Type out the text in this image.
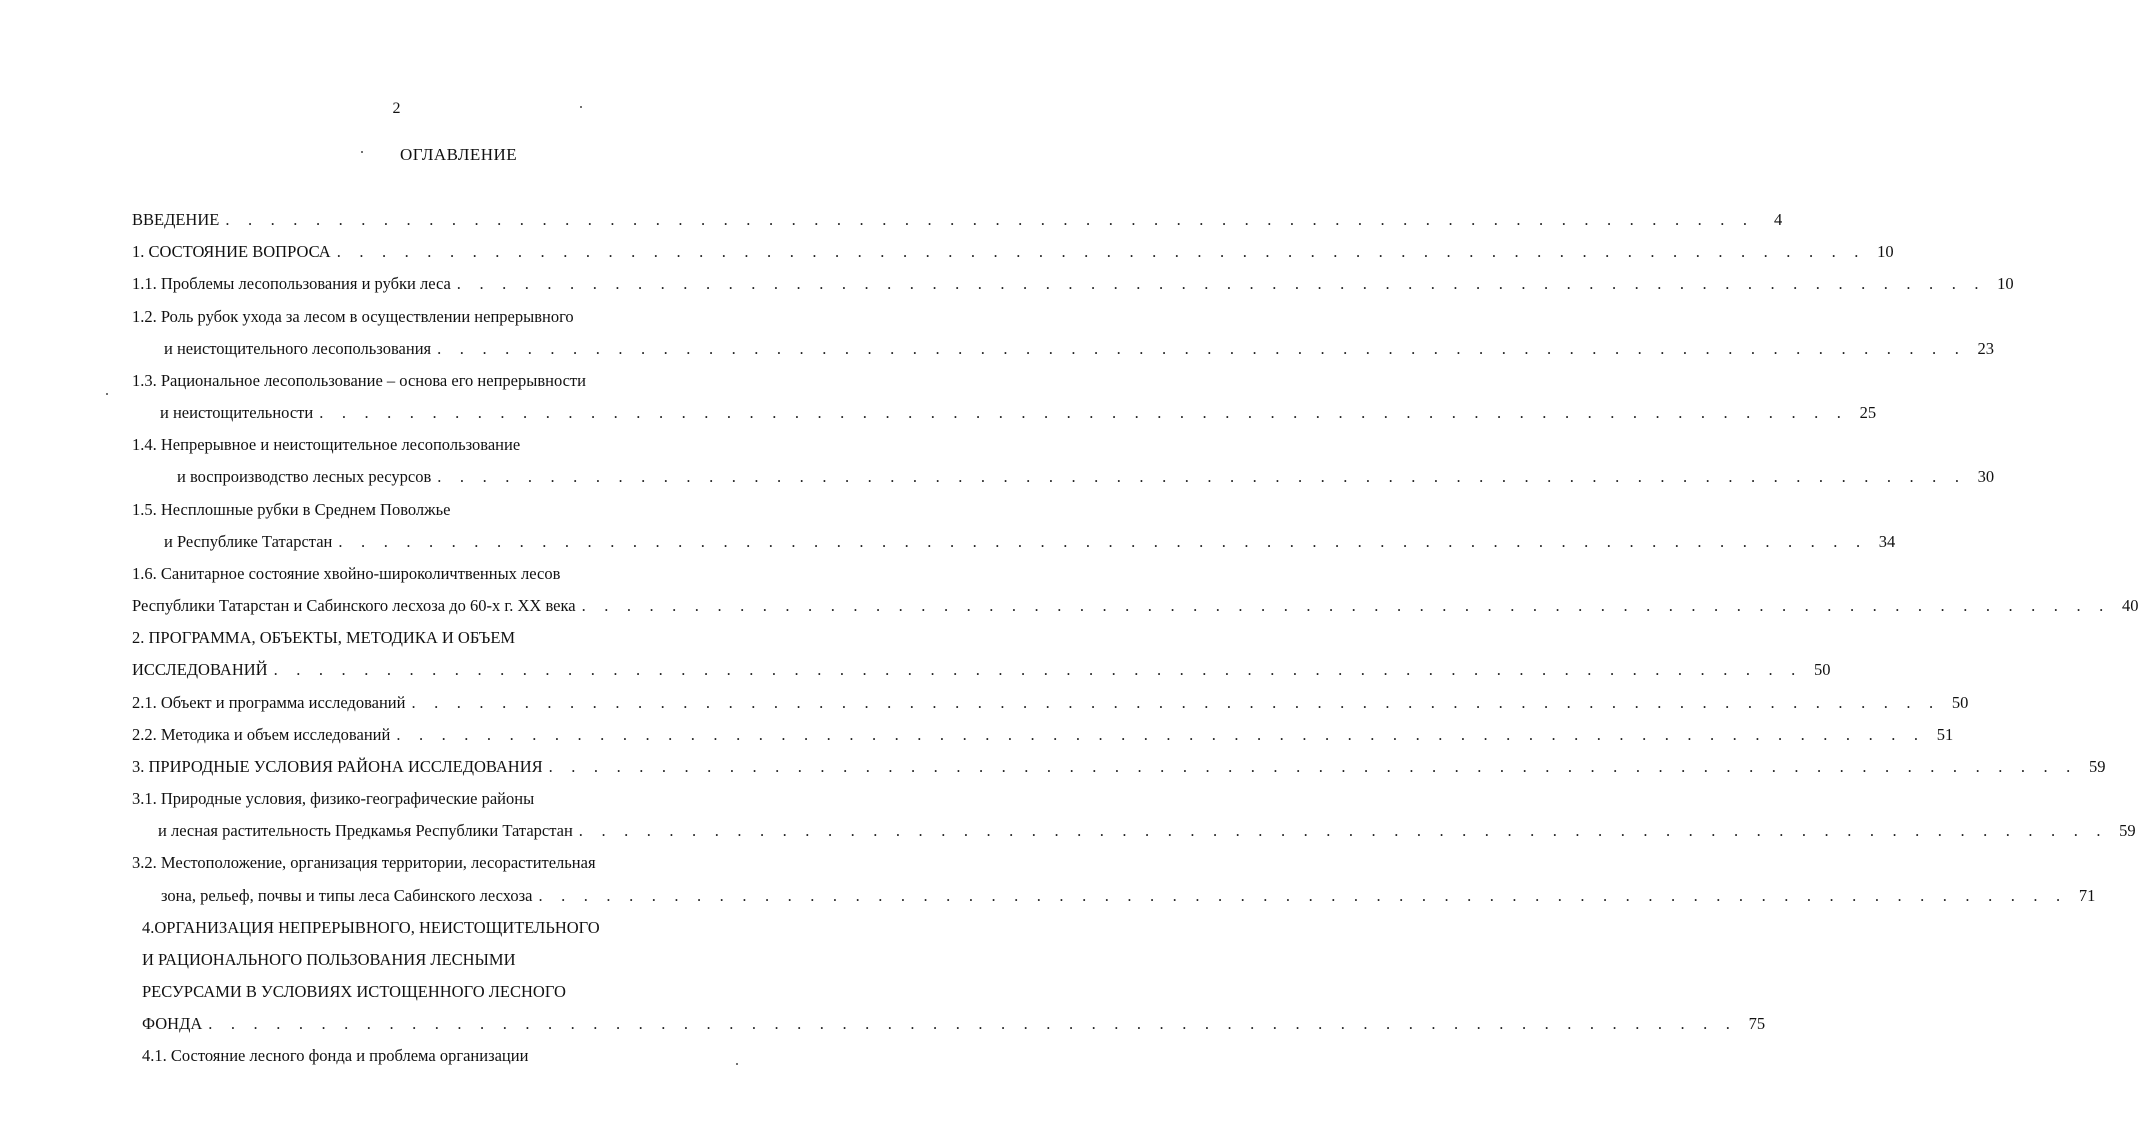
2
ОГЛАВЛЕНИЕ
ВВЕДЕНИЕ . . . . . . . . . . . . . . . . . . . . . . . . . . . . . . . . . . . . . . . . . . . . . . . . . . . . . . . . . . . . . . . . . . . .	4
1. СОСТОЯНИЕ ВОПРОСА . . . . . . . . . . . . . . . . . . . . . . . . . . . . . . . . . . . . . . . . . . . . . . . . . . . . . . . . . . . . . . . . . . . . 10
1.1. Проблемы лесопользования и рубки леса . . . . . . . . . . . . . . . . . . . . . . . . . . . . . . . . . . . . . . . . . . . . . . . . . . . . . . . . . . . . . . . . . . . . 10
1.2. Роль рубок ухода за лесом в осуществлении непрерывного
и неистощительного лесопользования . . . . . . . . . . . . . . . . . . . . . . . . . . . . . . . . . . . . . . . . . . . . . . . . . . . . . . . . . . . . . . . . . . . . 23
1.3. Рациональное лесопользование – основа его непрерывности
и неистощительности . . . . . . . . . . . . . . . . . . . . . . . . . . . . . . . . . . . . . . . . . . . . . . . . . . . . . . . . . . . . . . . . . . . . 25
1.4. Непрерывное и неистощительное лесопользование
и воспроизводство лесных ресурсов . . . . . . . . . . . . . . . . . . . . . . . . . . . . . . . . . . . . . . . . . . . . . . . . . . . . . . . . . . . . . . . . . . . . 30
1.5. Несплошные рубки в Среднем Поволжье
и Республике Татарстан . . . . . . . . . . . . . . . . . . . . . . . . . . . . . . . . . . . . . . . . . . . . . . . . . . . . . . . . . . . . . . . . . . . . 34
1.6. Санитарное состояние хвойно-широколичтвенных лесов
Республики Татарстан и Сабинского лесхоза до 60-х г. XX века . . . . . . . . . . . . . . . . . . . . . . . . . . . . . . . . . . . . . . . . . . . . . . . . . . . . . . . . . . . . . . . . . . . . 40
2. ПРОГРАММА, ОБЪЕКТЫ, МЕТОДИКА И ОБЪЕМ
ИССЛЕДОВАНИЙ . . . . . . . . . . . . . . . . . . . . . . . . . . . . . . . . . . . . . . . . . . . . . . . . . . . . . . . . . . . . . . . . . . . . 50
2.1. Объект и программа исследований . . . . . . . . . . . . . . . . . . . . . . . . . . . . . . . . . . . . . . . . . . . . . . . . . . . . . . . . . . . . . . . . . . . . 50
2.2. Методика и объем исследований . . . . . . . . . . . . . . . . . . . . . . . . . . . . . . . . . . . . . . . . . . . . . . . . . . . . . . . . . . . . . . . . . . . . 51
3. ПРИРОДНЫЕ УСЛОВИЯ РАЙОНА ИССЛЕДОВАНИЯ . . . . . . . . . . . . . . . . . . . . . . . . . . . . . . . . . . . . . . . . . . . . . . . . . . . . . . . . . . . . . . . . . . . . 59
3.1. Природные условия, физико-географические районы
и лесная растительность Предкамья Республики Татарстан . . . . . . . . . . . . . . . . . . . . . . . . . . . . . . . . . . . . . . . . . . . . . . . . . . . . . . . . . . . . . . . . . . . . 59
3.2. Местоположение, организация территории, лесорастительная
зона, рельеф, почвы и типы леса Сабинского лесхоза . . . . . . . . . . . . . . . . . . . . . . . . . . . . . . . . . . . . . . . . . . . . . . . . . . . . . . . . . . . . . . . . . . . . 71
4.ОРГАНИЗАЦИЯ НЕПРЕРЫВНОГО, НЕИСТОЩИТЕЛЬНОГО
И РАЦИОНАЛЬНОГО ПОЛЬЗОВАНИЯ ЛЕСНЫМИ
РЕСУРСАМИ В УСЛОВИЯХ ИСТОЩЕННОГО ЛЕСНОГО
ФОНДА . . . . . . . . . . . . . . . . . . . . . . . . . . . . . . . . . . . . . . . . . . . . . . . . . . . . . . . . . . . . . . . . . . . . 75
4.1. Состояние лесного фонда и проблема организации
